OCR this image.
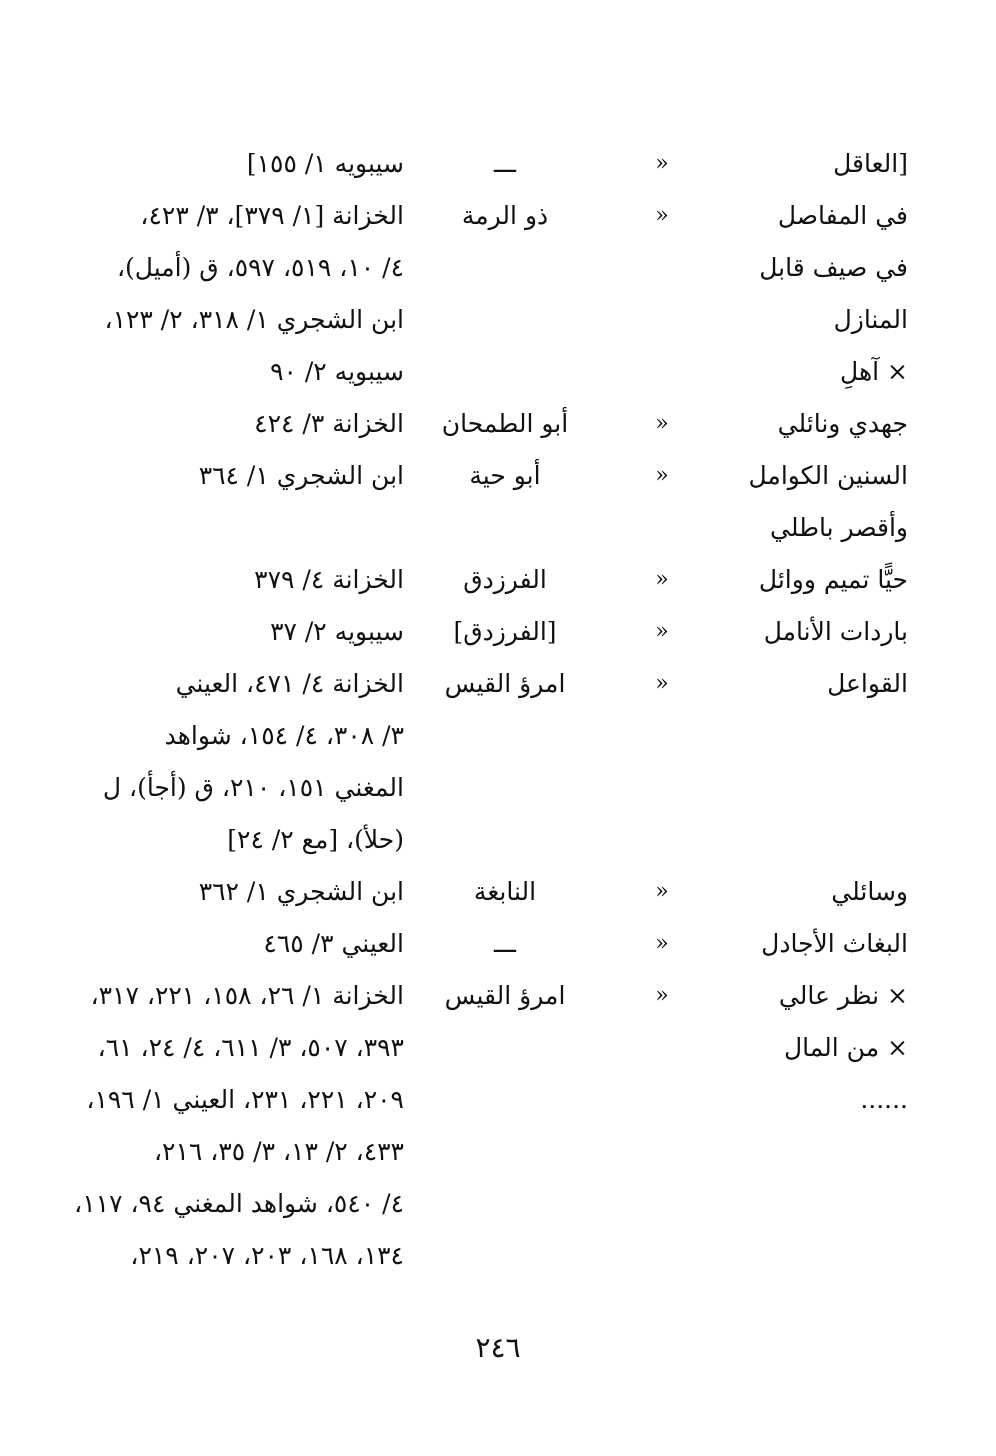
[العاقل
«
ـــ
سيبويه ١/ ١٥٥]
في المفاصل
«
ذو الرمة
الخزانة [١/ ٣٧٩]، ٣/ ٤٢٣،
في صيف قابل
٤/ ١٠، ٥١٩، ٥٩٧، ق (أميل)،
المنازل
ابن الشجري ١/ ٣١٨، ٢/ ١٢٣،
× آهلِ
سيبويه ٢/ ٩٠
جهدي ونائلي
«
أبو الطمحان
الخزانة ٣/ ٤٢٤
السنين الكوامل
«
أبو حية
ابن الشجري ١/ ٣٦٤
وأقصر باطلي
حيًّا تميم ووائل
«
الفرزدق
الخزانة ٤/ ٣٧٩
باردات الأنامل
«
[الفرزدق]
سيبويه ٢/ ٣٧
القواعل
«
امرؤ القيس
الخزانة ٤/ ٤٧١، العيني
٣/ ٣٠٨، ٤/ ١٥٤، شواهد
المغني ١٥١، ٢١٠، ق (أجأ)، ل
(حلأ)، [مع ٢/ ٢٤]
وسائلي
«
النابغة
ابن الشجري ١/ ٣٦٢
البغاث الأجادل
«
ـــ
العيني ٣/ ٤٦٥
× نظر عالي
«
امرؤ القيس
الخزانة ١/ ٢٦، ١٥٨، ٢٢١، ٣١٧،
× من المال
٣٩٣، ٥٠٧، ٣/ ٦١١، ٤/ ٢٤، ٦١،
......
٢٠٩، ٢٢١، ٢٣١، العيني ١/ ١٩٦،
٤٣٣، ٢/ ١٣، ٣/ ٣٥، ٢١٦،
٤/ ٥٤٠، شواهد المغني ٩٤، ١١٧،
١٣٤، ١٦٨، ٢٠٣، ٢٠٧، ٢١٩،
٢٤٦
